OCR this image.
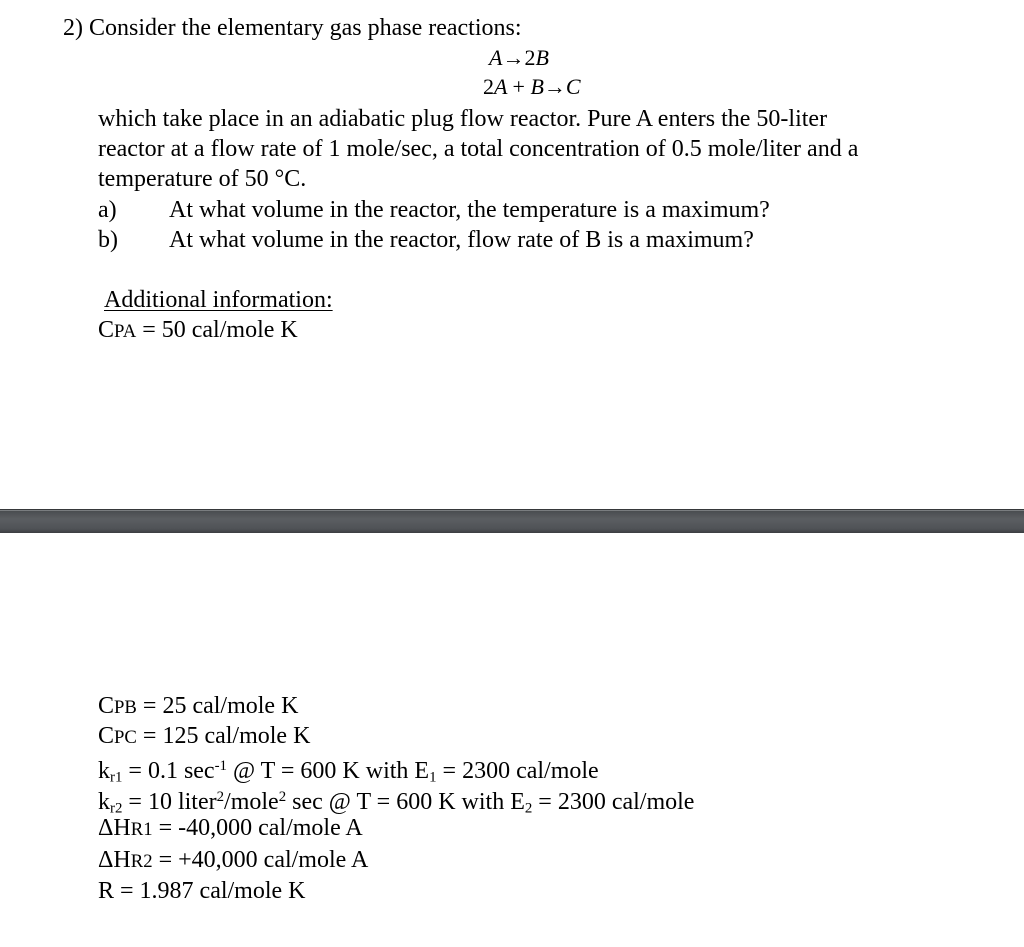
2) Consider the elementary gas phase reactions:
A→2B
2A + B→C
which take place in an adiabatic plug flow reactor. Pure A enters the 50-liter
reactor at a flow rate of 1 mole/sec, a total concentration of 0.5 mole/liter and a
temperature of 50 °C.
a) At what volume in the reactor, the temperature is a maximum?
b) At what volume in the reactor, flow rate of B is a maximum?
Additional information:
CPA = 50 cal/mole K
CPB = 25 cal/mole K
CPC = 125 cal/mole K
$k_{r1} = 0.1$ $\sec^{-1}$ @ T = 600 K with $E_1 = 2300$ cal/mole
$k_{r2} = 10$ liter$^2$/mole$^2$ sec @ T = 600 K with $E_2 = 2300$ cal/mole
ΔHR1 = -40,000 cal/mole A
ΔHR2 = +40,000 cal/mole A
R = 1.987 cal/mole K
